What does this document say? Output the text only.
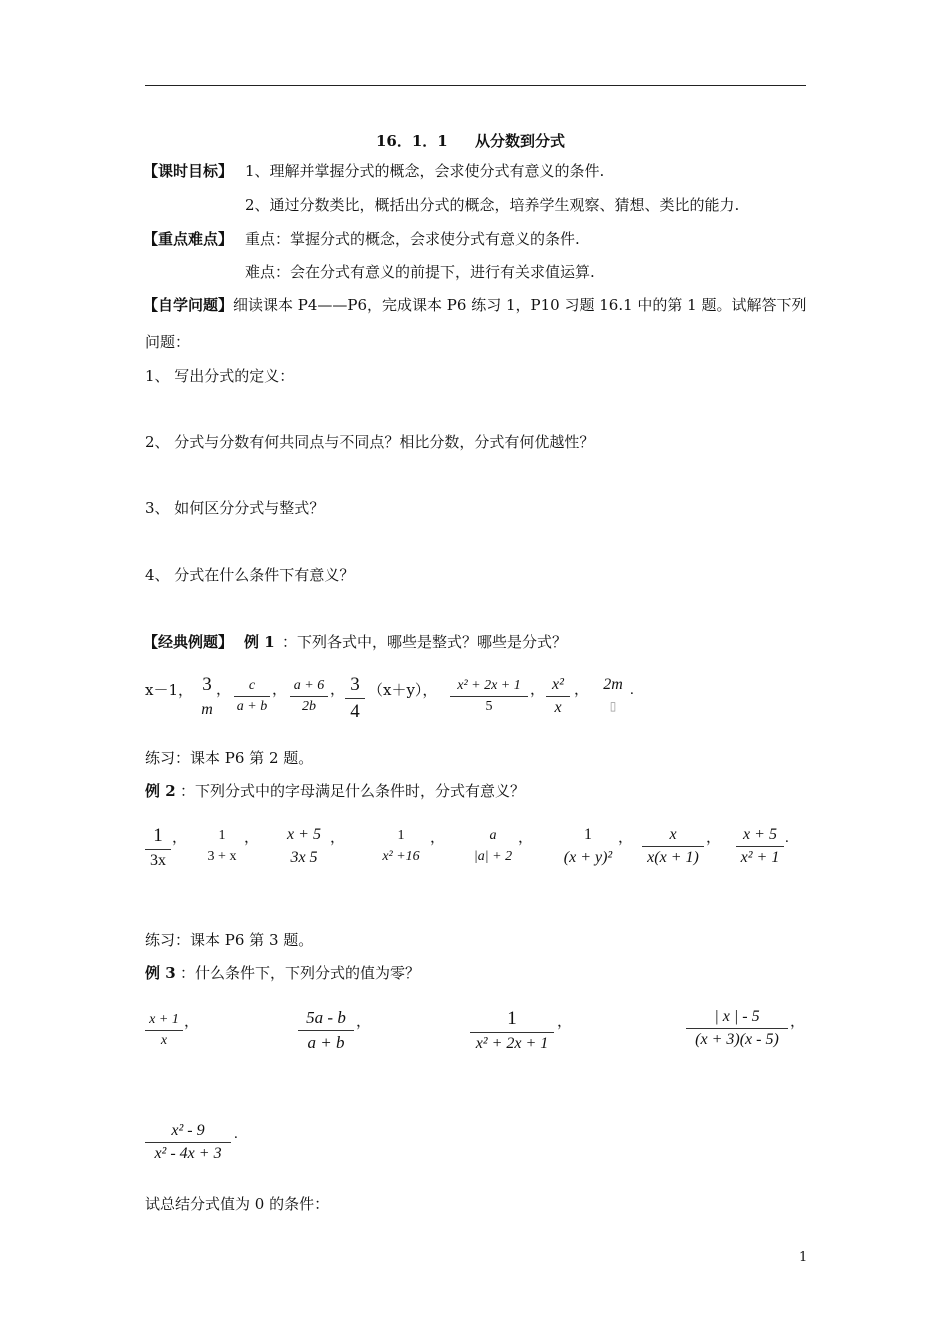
16．1．1 从分数到分式
【课时目标】 1、理解并掌握分式的概念，会求使分式有意义的条件.
2、通过分数类比，概括出分式的概念，培养学生观察、猜想、类比的能力.
【重点难点】 重点：掌握分式的概念，会求使分式有意义的条件.
难点：会在分式有意义的前提下，进行有关求值运算.
【自学问题】 细读课本 P4——P6，完成课本 P6 练习 1，P10 习题 16.1 中的第 1 题。试解答下列
问题：
1、 写出分式的定义：
2、 分式与分数有何共同点与不同点？相比分数，分式有何优越性？
3、 如何区分分式与整式？
4、 分式在什么条件下有意义？
【经典例题】 例 1 ：下列各式中，哪些是整式？哪些是分式？
x－1， 3
m
，	c
a + b
， a + 6
2b
， 3
4
（x＋y），	x² + 2x + 1
5
， x²
x
， 2m
▯
.
练习：课本 P6 第 2 题。
例 2 ：下列分式中的字母满足什么条件时，分式有意义？
1
3x
，	1
3 + x
，	x + 5
3x 5
，	1
x² +16
，	a
|a| + 2
，	1
(x + y)²
，	x
x(x + 1)
，	x + 5
x² + 1
.
练习：课本 P6 第 3 题。
例 3 ：什么条件下，下列分式的值为零？
x + 1
x
，	5a - b
a + b
，	1
x² + 2x + 1
，	| x | - 5
(x + 3)(x - 5)
，
x² - 9
x² - 4x + 3
.
试总结分式值为 0 的条件：
1
